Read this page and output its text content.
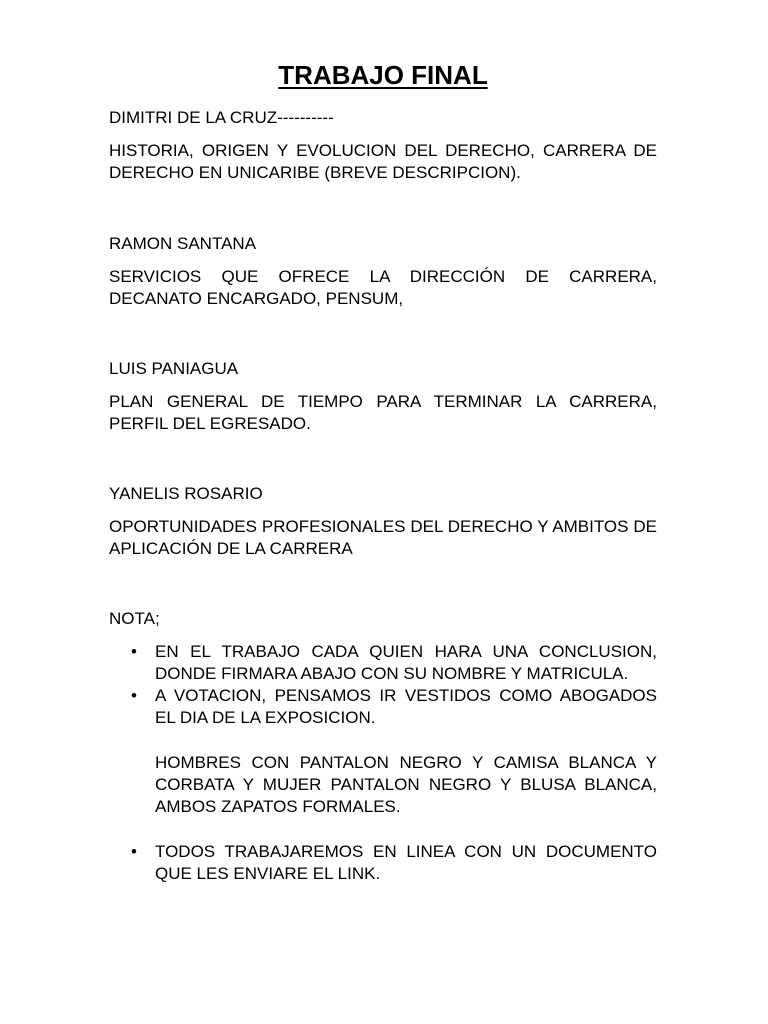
TRABAJO FINAL
DIMITRI DE LA CRUZ----------
HISTORIA, ORIGEN Y EVOLUCION DEL DERECHO, CARRERA DE DERECHO EN UNICARIBE (BREVE DESCRIPCION).
RAMON SANTANA
SERVICIOS QUE OFRECE LA DIRECCIÓN DE CARRERA, DECANATO ENCARGADO, PENSUM,
LUIS PANIAGUA
PLAN GENERAL DE TIEMPO PARA TERMINAR LA CARRERA, PERFIL DEL EGRESADO.
YANELIS ROSARIO
OPORTUNIDADES PROFESIONALES DEL DERECHO Y AMBITOS DE APLICACIÓN DE LA CARRERA
NOTA;
•	EN EL TRABAJO CADA QUIEN HARA UNA CONCLUSION, DONDE FIRMARA ABAJO CON SU NOMBRE Y MATRICULA.
•	A VOTACION, PENSAMOS IR VESTIDOS COMO ABOGADOS EL DIA DE LA EXPOSICION.
HOMBRES CON PANTALON NEGRO Y CAMISA BLANCA Y CORBATA Y MUJER PANTALON NEGRO Y BLUSA BLANCA, AMBOS ZAPATOS FORMALES.
•	TODOS TRABAJAREMOS EN LINEA CON UN DOCUMENTO QUE LES ENVIARE EL LINK.
